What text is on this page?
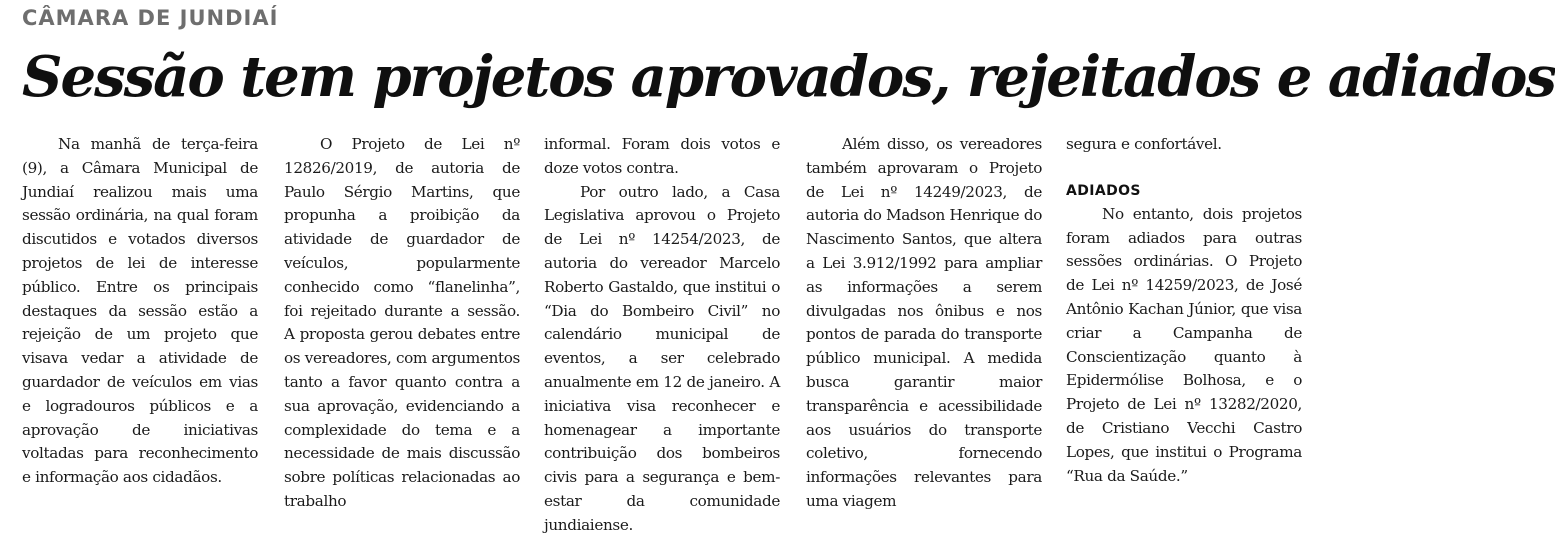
CÂMARA DE JUNDIAÍ
Sessão tem projetos aprovados, rejeitados e adiados

Na manhã de terça-feira (9), a Câmara Municipal de Jundiaí realizou mais uma sessão ordinária, na qual foram discutidos e votados diversos projetos de lei de interesse público. Entre os principais destaques da sessão estão a rejeição de um projeto que visava vedar a atividade de guardador de veículos em vias e logradouros públicos e a aprovação de iniciativas voltadas para reconhecimento e informação aos cidadãos.

O Projeto de Lei nº 12826/2019, de autoria de Paulo Sérgio Martins, que propunha a proibição da atividade de guardador de veículos, popularmente conhecido como “flanelinha”, foi rejeitado durante a sessão. A proposta gerou debates entre os vereadores, com argumentos tanto a favor quanto contra a sua aprovação, evidenciando a complexidade do tema e a necessidade de mais discussão sobre políticas relacionadas ao trabalho

informal. Foram dois votos e doze votos contra.

Por outro lado, a Casa Legislativa aprovou o Projeto de Lei nº 14254/2023, de autoria do vereador Marcelo Roberto Gastaldo, que institui o “Dia do Bombeiro Civil” no calendário municipal de eventos, a ser celebrado anualmente em 12 de janeiro. A iniciativa visa reconhecer e homenagear a importante contribuição dos bombeiros civis para a segurança e bem-estar da comunidade jundiaiense.

Além disso, os vereadores também aprovaram o Projeto de Lei nº 14249/2023, de autoria do Madson Henrique do Nascimento Santos, que altera a Lei 3.912/1992 para ampliar as informações a serem divulgadas nos ônibus e nos pontos de parada do transporte público municipal. A medida busca garantir maior transparência e acessibilidade aos usuários do transporte coletivo, fornecendo informações relevantes para uma viagem

segura e confortável.

ADIADOS

No entanto, dois projetos foram adiados para outras sessões ordinárias. O Projeto de Lei nº 14259/2023, de José Antônio Kachan Júnior, que visa criar a Campanha de Conscientização quanto à Epidermólise Bolhosa, e o Projeto de Lei nº 13282/2020, de Cristiano Vecchi Castro Lopes, que institui o Programa “Rua da Saúde.”
